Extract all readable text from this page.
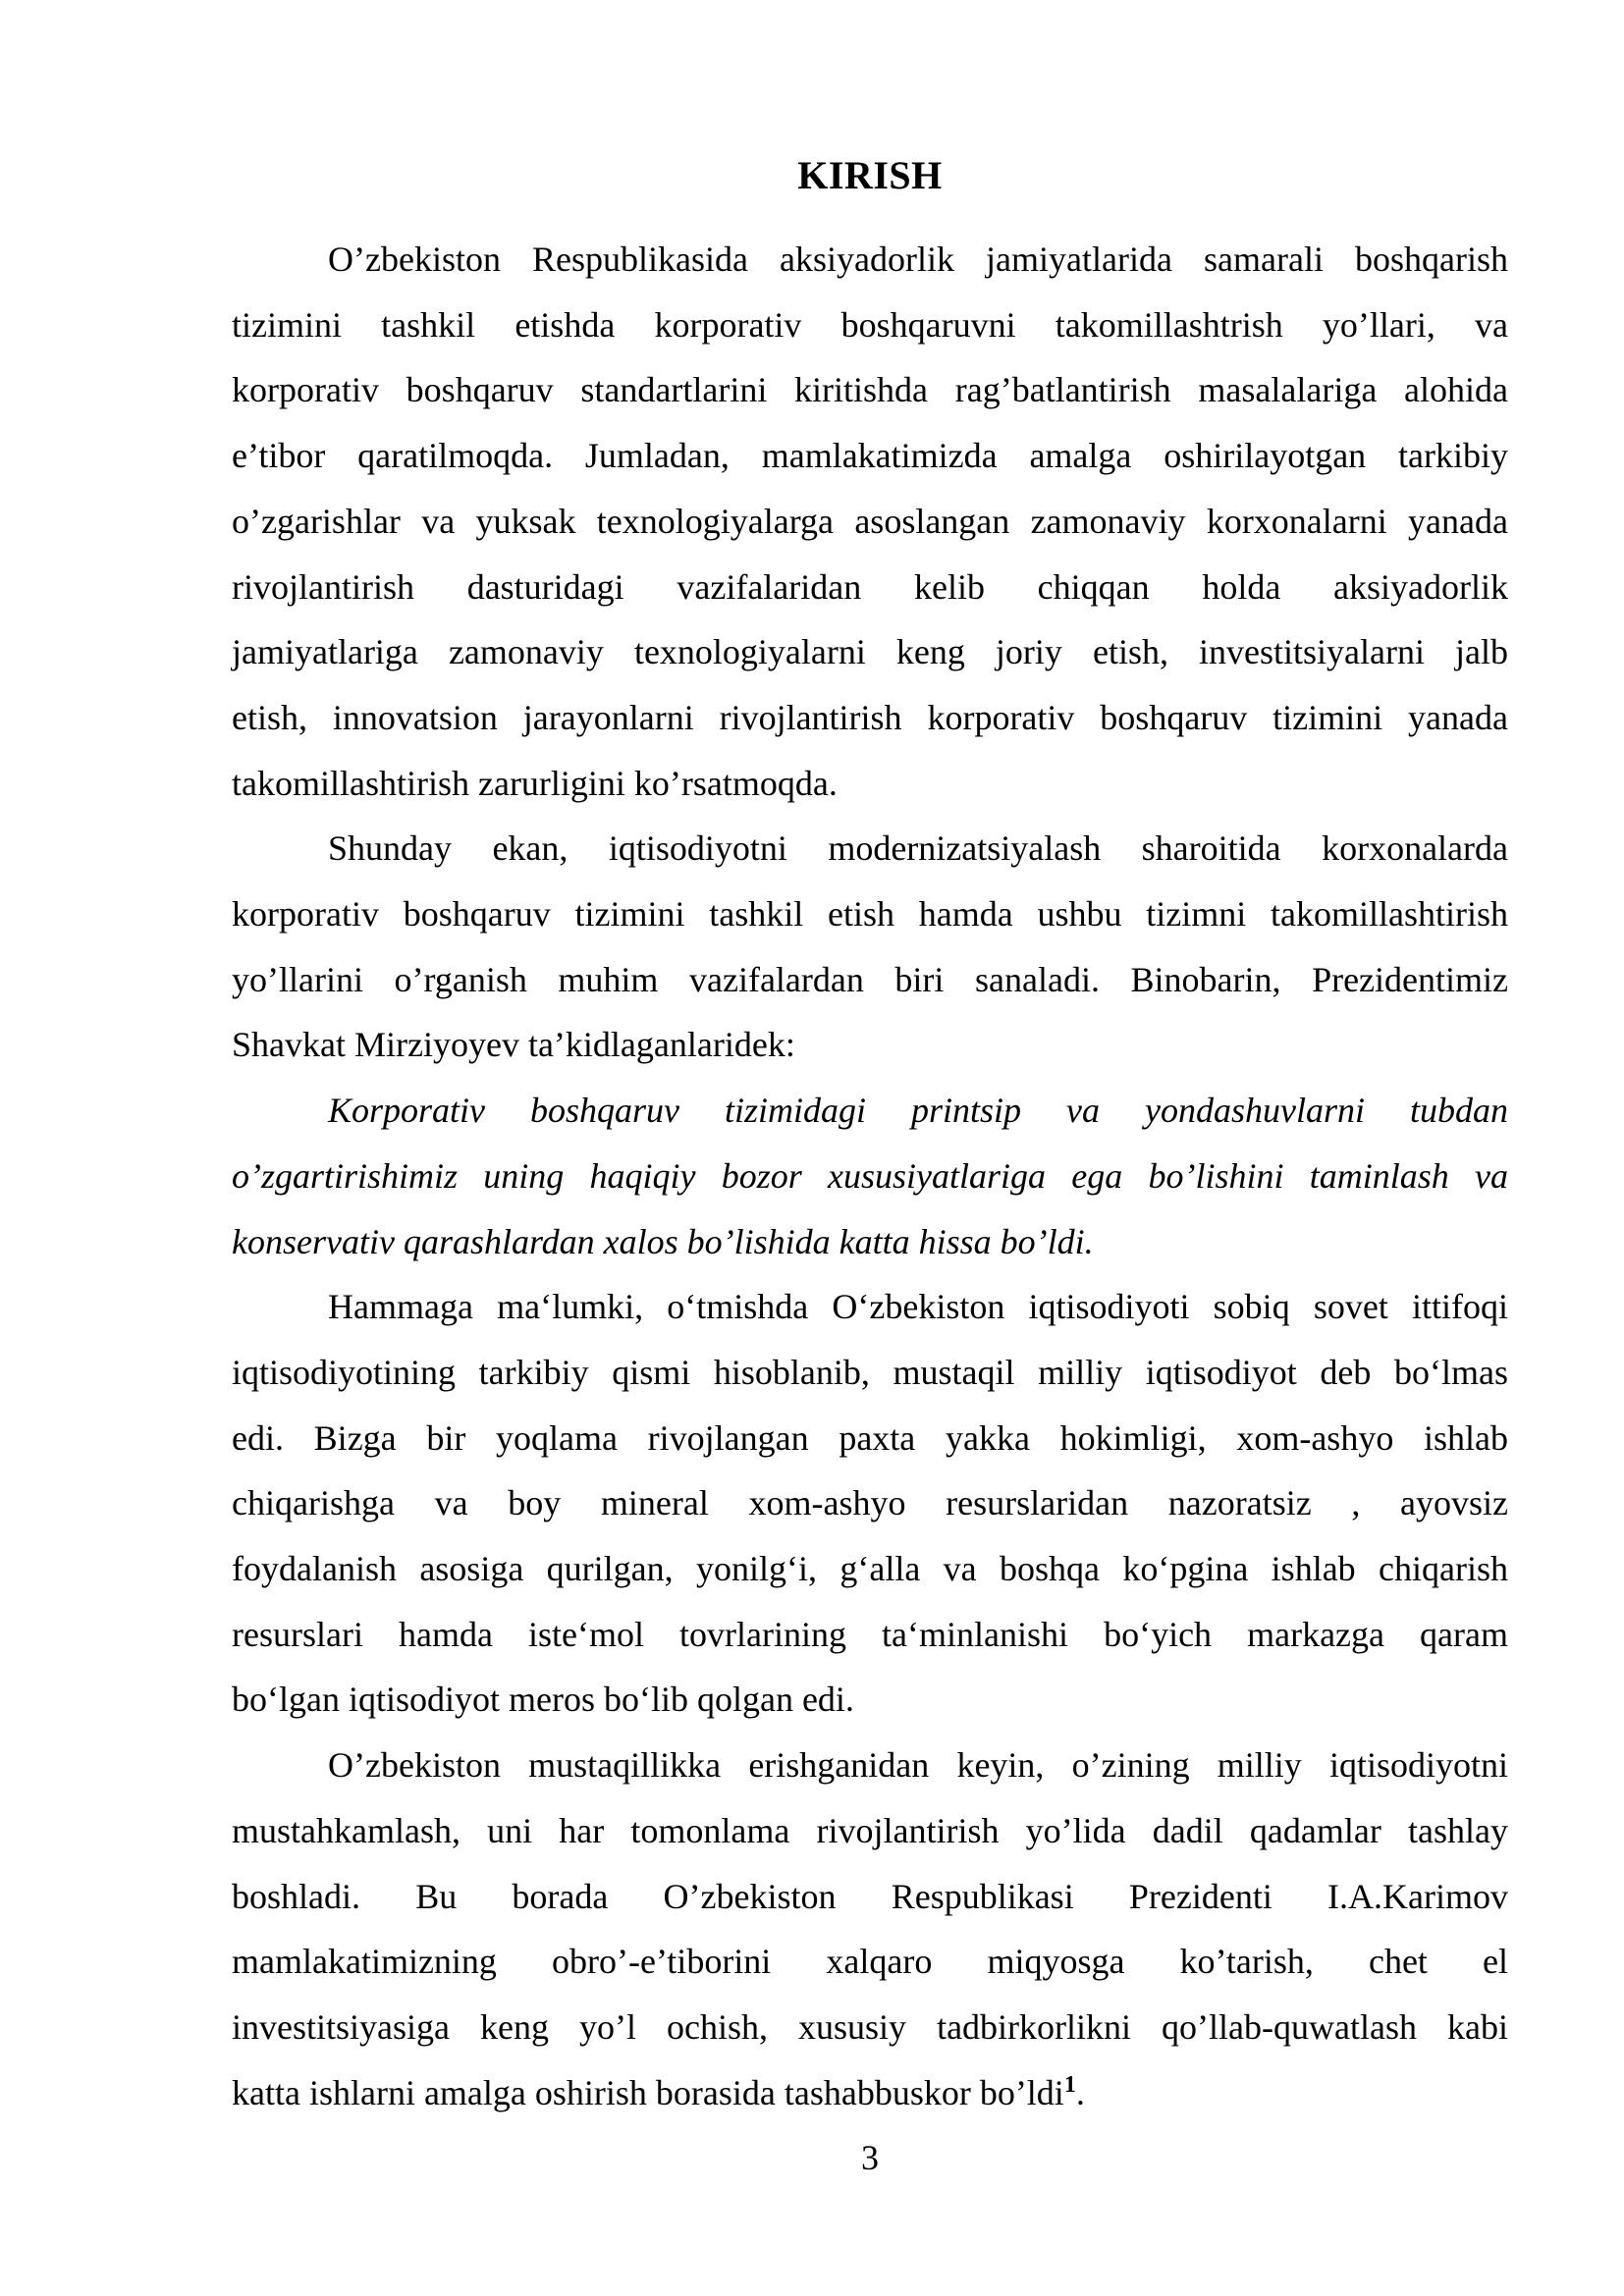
KIRISH
O’zbekiston Respublikasida aksiyadorlik jamiyatlarida samarali boshqarish
tizimini tashkil etishda korporativ boshqaruvni takomillashtrish yo’llari, va
korporativ boshqaruv standartlarini kiritishda rag’batlantirish masalalariga alohida
e’tibor qaratilmoqda. Jumladan, mamlakatimizda amalga oshirilayotgan tarkibiy
o’zgarishlar va yuksak texnologiyalarga asoslangan zamonaviy korxonalarni yanada
rivojlantirish dasturidagi vazifalaridan kelib chiqqan holda aksiyadorlik
jamiyatlariga zamonaviy texnologiyalarni keng joriy etish, investitsiyalarni jalb
etish, innovatsion jarayonlarni rivojlantirish korporativ boshqaruv tizimini yanada
takomillashtirish zarurligini ko’rsatmoqda.
Shunday ekan, iqtisodiyotni modernizatsiyalash sharoitida korxonalarda
korporativ boshqaruv tizimini tashkil etish hamda ushbu tizimni takomillashtirish
yo’llarini o’rganish muhim vazifalardan biri sanaladi. Binobarin, Prezidentimiz
Shavkat Mirziyoyev ta’kidlaganlaridek:
Korporativ boshqaruv tizimidagi printsip va yondashuvlarni tubdan
o’zgartirishimiz uning haqiqiy bozor xususiyatlariga ega bo’lishini taminlash va
konservativ qarashlardan xalos bo’lishida katta hissa bo’ldi.
Hammaga ma‘lumki, o‘tmishda O‘zbekiston iqtisodiyoti sobiq sovet ittifoqi
iqtisodiyotining tarkibiy qismi hisoblanib, mustaqil milliy iqtisodiyot deb bo‘lmas
edi. Bizga bir yoqlama rivojlangan paxta yakka hokimligi, xom-ashyo ishlab
chiqarishga va boy mineral xom-ashyo resurslaridan nazoratsiz , ayovsiz
foydalanish asosiga qurilgan, yonilg‘i, g‘alla va boshqa ko‘pgina ishlab chiqarish
resurslari hamda iste‘mol tovrlarining ta‘minlanishi bo‘yich markazga qaram
bo‘lgan iqtisodiyot meros bo‘lib qolgan edi.
O’zbekiston mustaqillikka erishganidan keyin, o’zining milliy iqtisodiyotni
mustahkamlash, uni har tomonlama rivojlantirish yo’lida dadil qadamlar tashlay
boshladi. Bu borada O’zbekiston Respublikasi Prezidenti I.A.Karimov
mamlakatimizning obro’-e’tiborini xalqaro miqyosga ko’tarish, chet el
investitsiyasiga keng yo’l ochish, xususiy tadbirkorlikni qo’llab-quwatlash kabi
katta ishlarni amalga oshirish borasida tashabbuskor bo’ldi$^1$.
3
